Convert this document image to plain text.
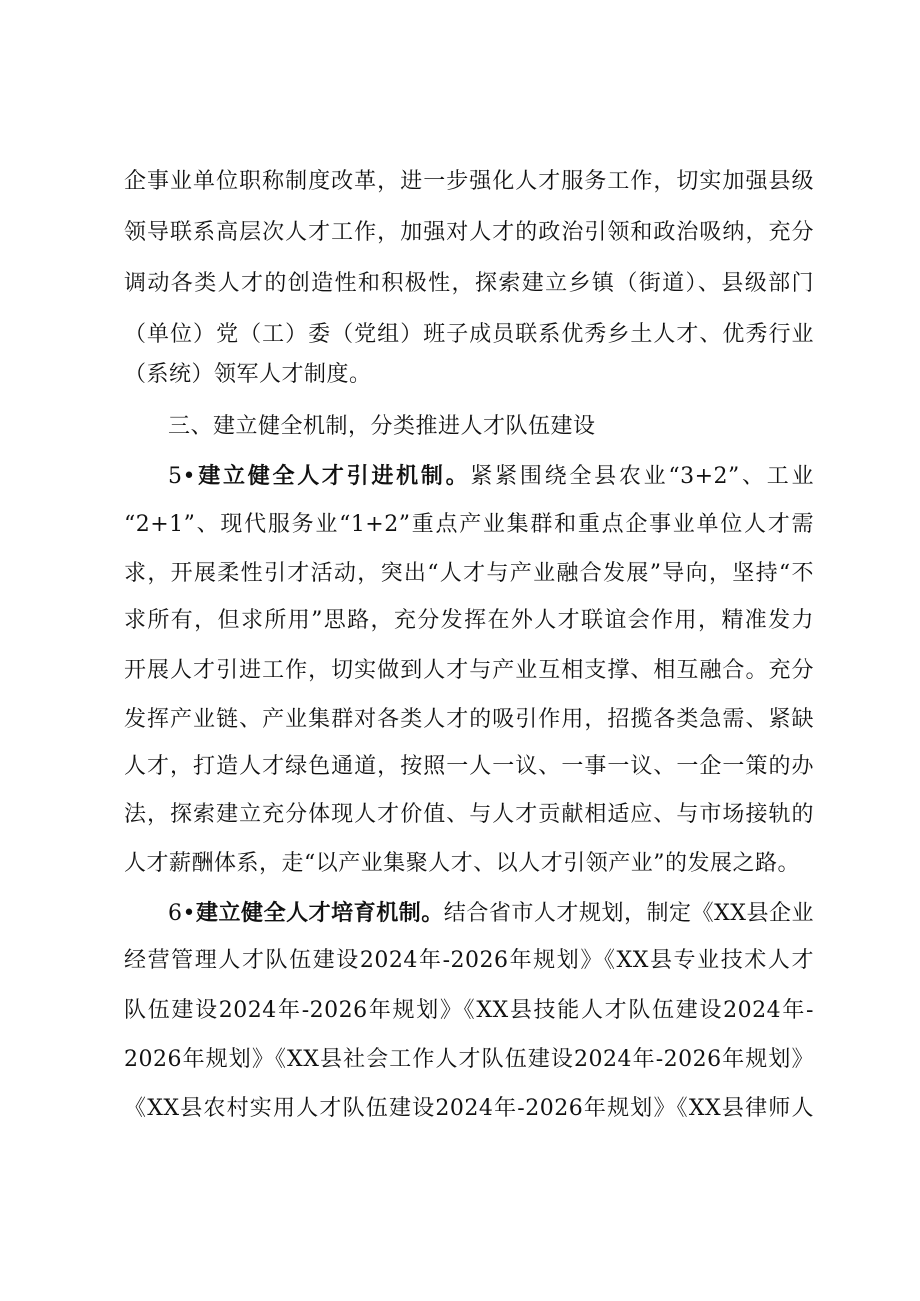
企事业单位职称制度改革，进一步强化人才服务工作，切实加强县级
领导联系高层次人才工作，加强对人才的政治引领和政治吸纳，充分
调动各类人才的创造性和积极性，探索建立乡镇（街道）、县级部门
（单位）党（工）委（党组）班子成员联系优秀乡土人才、优秀行业
（系统）领军人才制度。
三、建立健全机制，分类推进人才队伍建设
5•建立健全人才引进机制。紧紧围绕全县农业“3+2”、工业
“2+1”、现代服务业“1+2”重点产业集群和重点企事业单位人才需
求，开展柔性引才活动，突出“人才与产业融合发展”导向，坚持“不
求所有，但求所用”思路，充分发挥在外人才联谊会作用，精准发力
开展人才引进工作，切实做到人才与产业互相支撑、相互融合。充分
发挥产业链、产业集群对各类人才的吸引作用，招揽各类急需、紧缺
人才，打造人才绿色通道，按照一人一议、一事一议、一企一策的办
法，探索建立充分体现人才价值、与人才贡献相适应、与市场接轨的
人才薪酬体系，走“以产业集聚人才、以人才引领产业”的发展之路。
6•建立健全人才培育机制。结合省市人才规划，制定《XX县企业
经营管理人才队伍建设2024年-2026年规划》《XX县专业技术人才
队伍建设2024年-2026年规划》《XX县技能人才队伍建设2024年-
2026年规划》《XX县社会工作人才队伍建设2024年-2026年规划》
《XX县农村实用人才队伍建设2024年-2026年规划》《XX县律师人
